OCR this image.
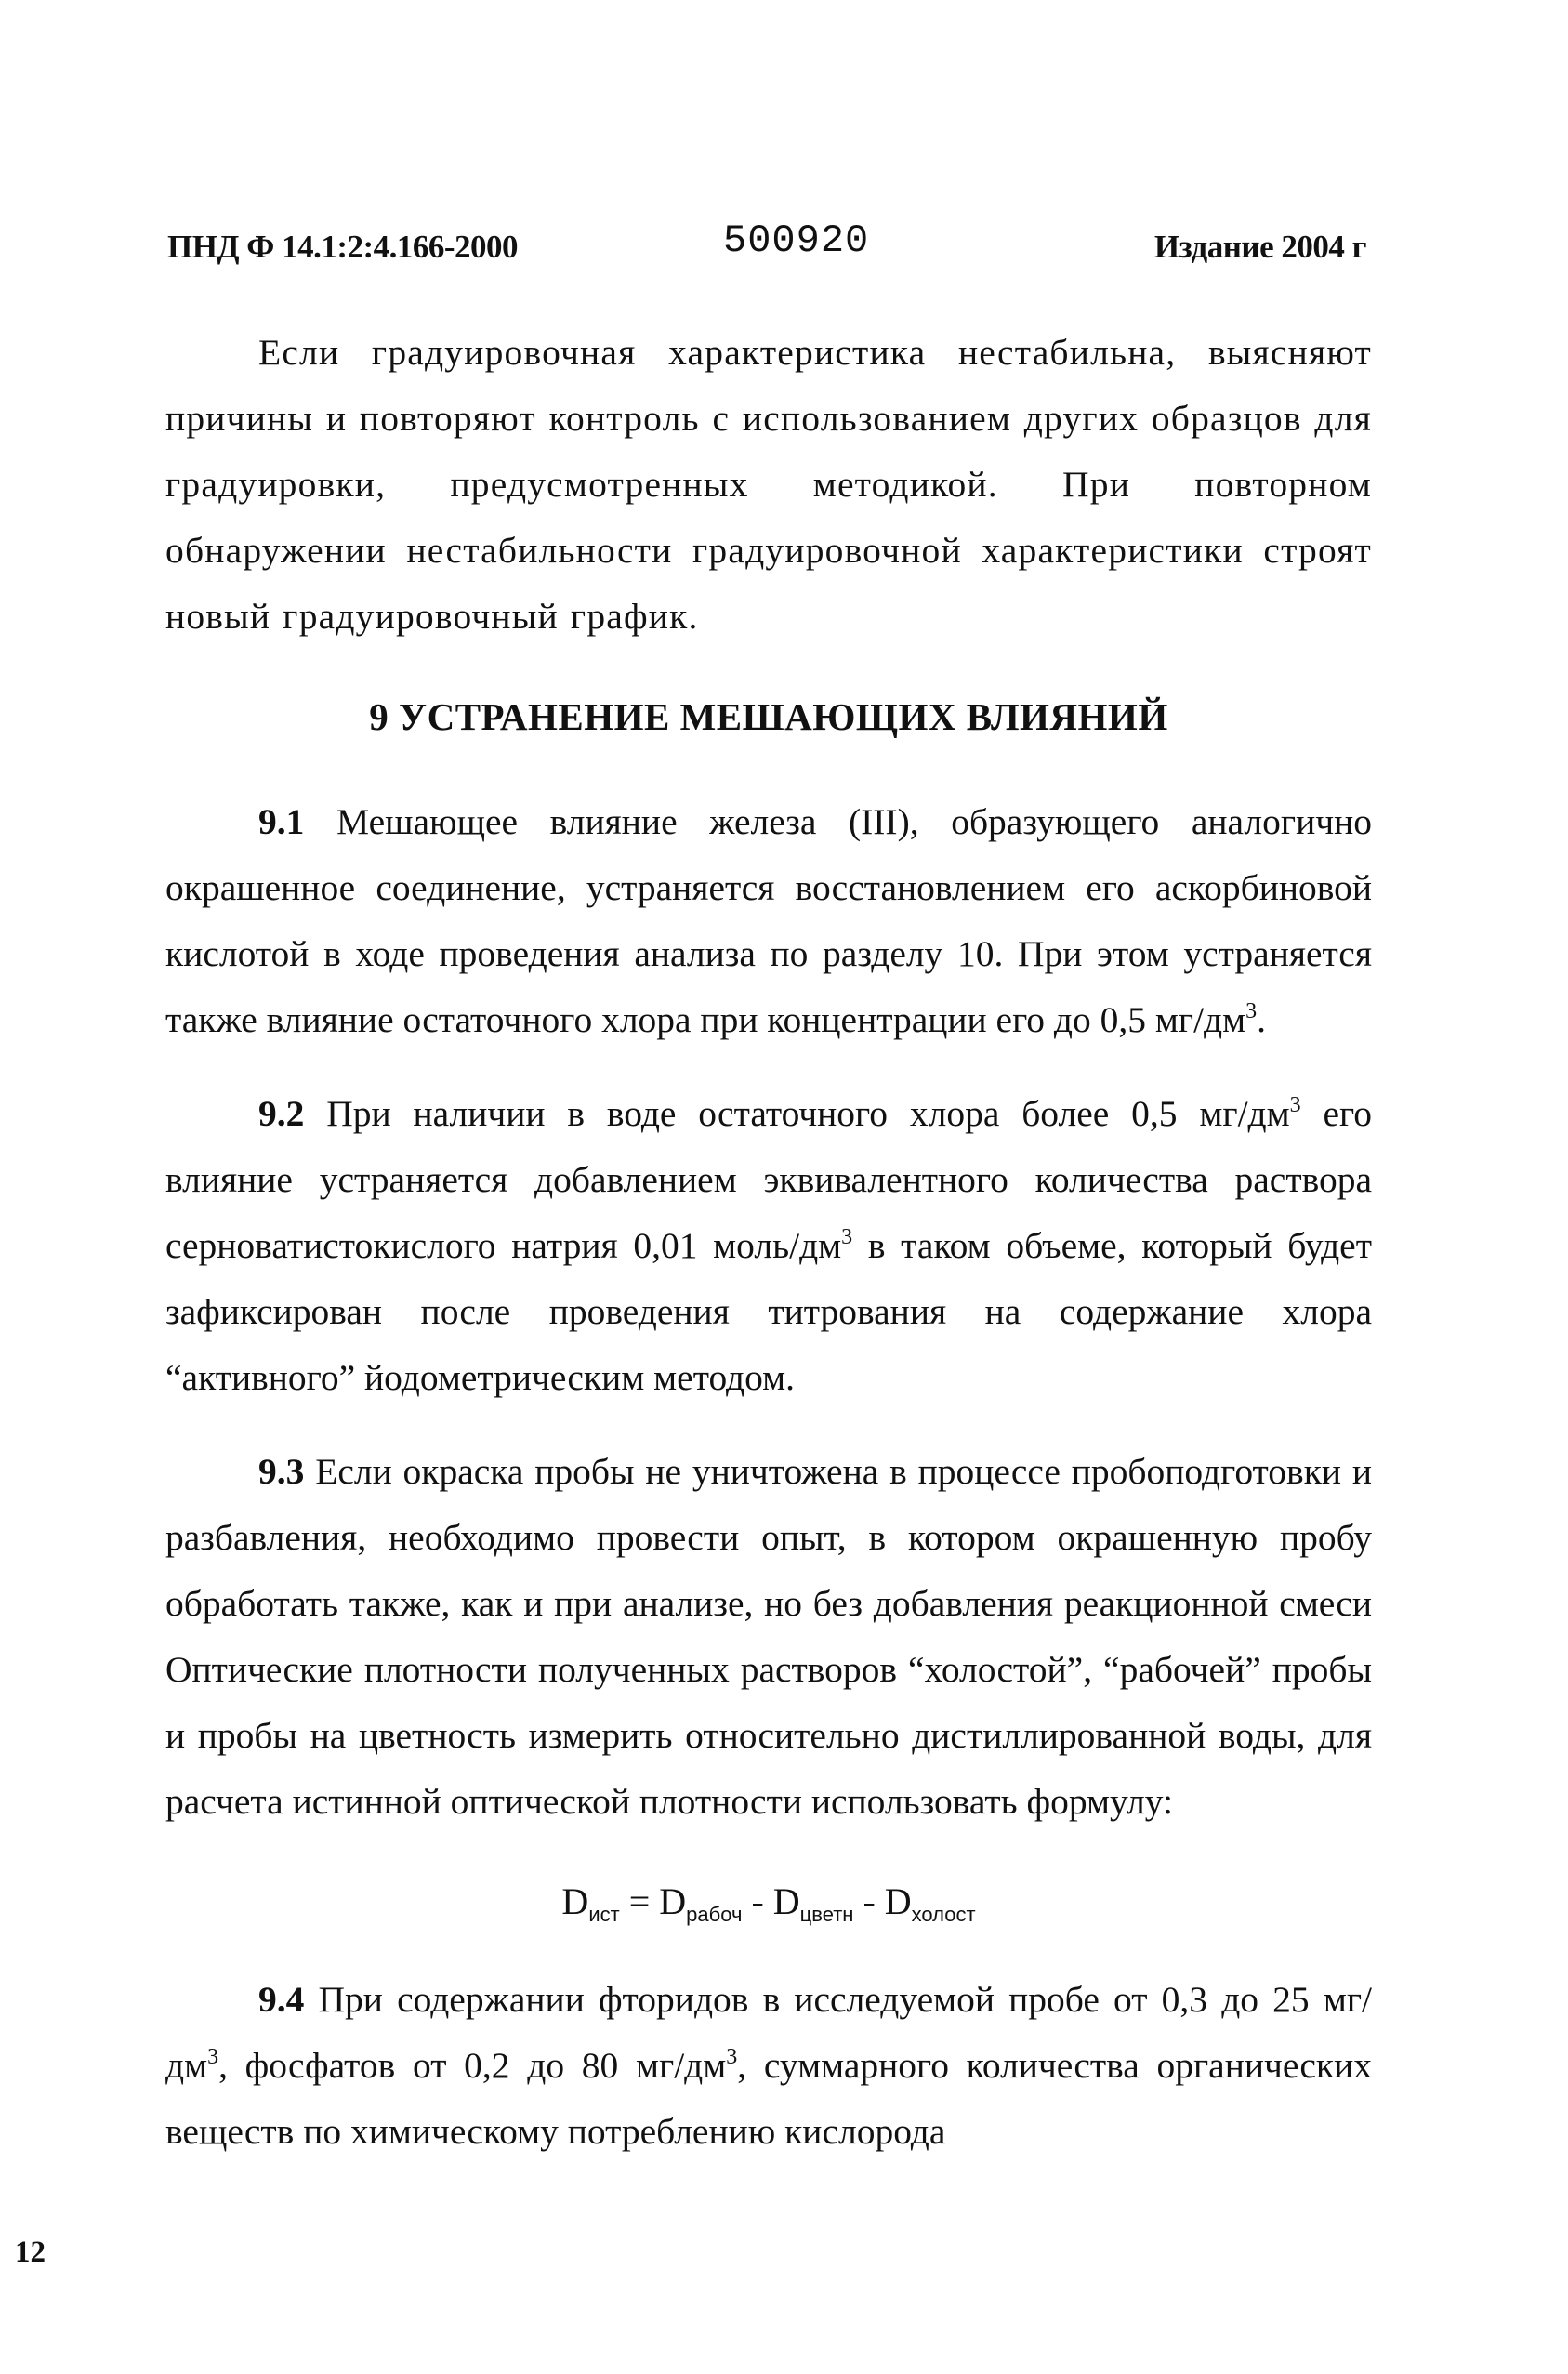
ПНД Ф 14.1:2:4.166-2000	500920	Издание 2004 г

Если градуировочная характеристика нестабильна, выясняют причины и повторяют контроль с использованием других образцов для градуировки, предусмотренных методикой. При повторном обнаружении нестабильности градуировочной характеристики строят новый градуировочный график.

9 УСТРАНЕНИЕ МЕШАЮЩИХ ВЛИЯНИЙ

9.1 Мешающее влияние железа (III), образующего аналогично окрашенное соединение, устраняется восстановлением его аскорбиновой кислотой в ходе проведения анализа по разделу 10. При этом устраняется также влияние остаточного хлора при концентрации его до 0,5 $мг/дм^3$.

9.2 При наличии в воде остаточного хлора более 0,5 $мг/дм^3$ его влияние устраняется добавлением эквивалентного количества раствора серноватистокислого натрия 0,01 моль/$дм^3$ в таком объеме, который будет зафиксирован после проведения титрования на содержание хлора “активного” йодометрическим методом.

9.3 Если окраска пробы не уничтожена в процессе пробоподготовки и разбавления, необходимо провести опыт, в котором окрашенную пробу обработать также, как и при анализе, но без добавления реакционной смеси Оптические плотности полученных растворов “холостой”, “рабочей” пробы и пробы на цветность измерить относительно дистиллированной воды, для расчета истинной оптической плотности использовать формулу:

$D_{ист} = D_{рабоч} - D_{цветн} - D_{холост}$

9.4 При содержании фторидов в исследуемой пробе от 0,3 до 25 $мг/дм^3$, фосфатов от 0,2 до 80 $мг/дм^3$, суммарного количества органических веществ по химическому потреблению кислорода

12
